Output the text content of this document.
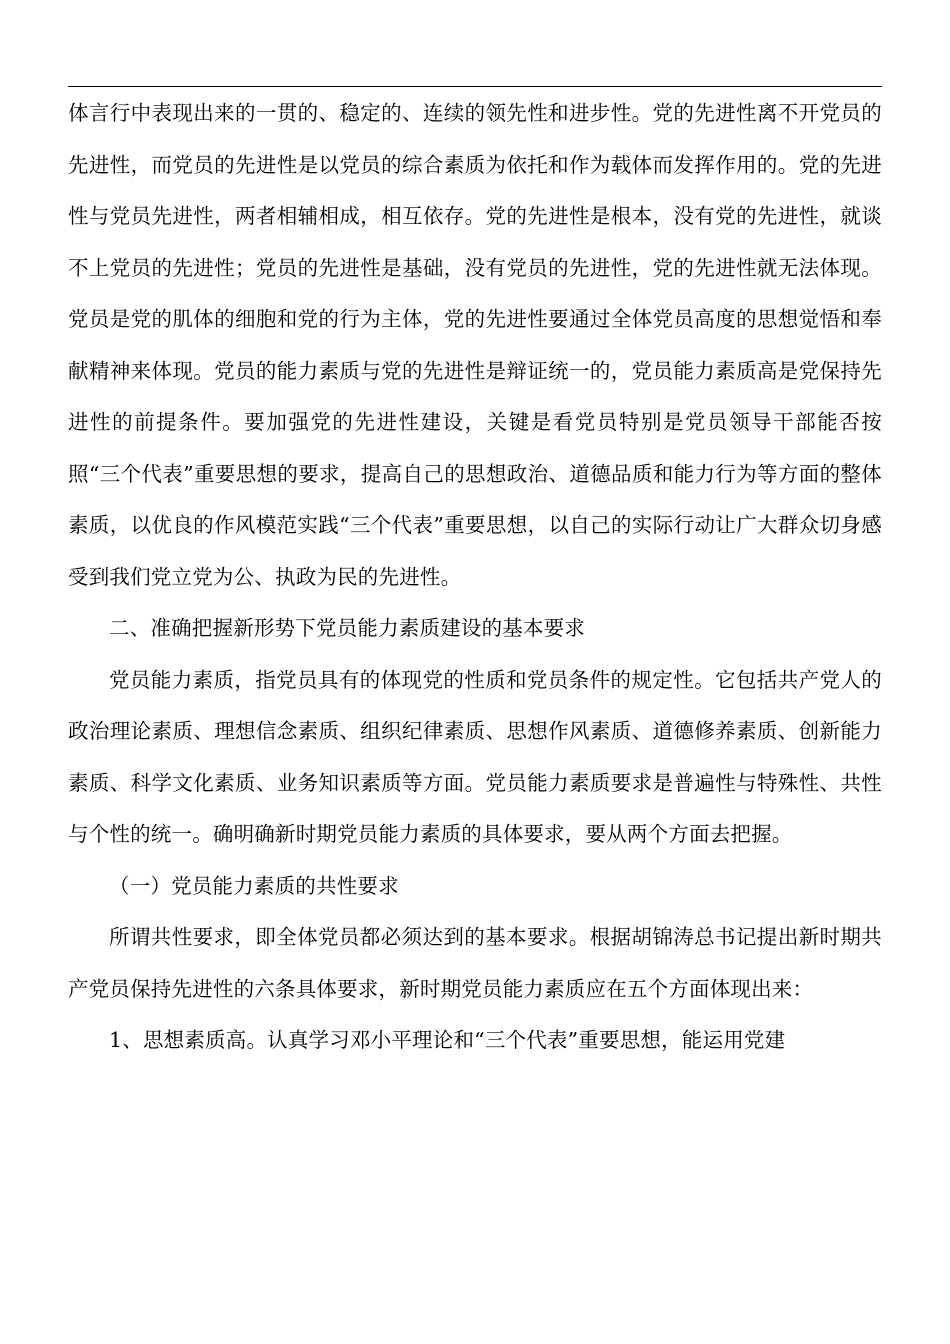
体言行中表现出来的一贯的、稳定的、连续的领先性和进步性。党的先进性离不开党员的先进性，而党员的先进性是以党员的综合素质为依托和作为载体而发挥作用的。党的先进性与党员先进性，两者相辅相成，相互依存。党的先进性是根本，没有党的先进性，就谈不上党员的先进性；党员的先进性是基础，没有党员的先进性，党的先进性就无法体现。党员是党的肌体的细胞和党的行为主体，党的先进性要通过全体党员高度的思想觉悟和奉献精神来体现。党员的能力素质与党的先进性是辩证统一的，党员能力素质高是党保持先进性的前提条件。要加强党的先进性建设，关键是看党员特别是党员领导干部能否按照“三个代表”重要思想的要求，提高自己的思想政治、道德品质和能力行为等方面的整体素质，以优良的作风模范实践“三个代表”重要思想，以自己的实际行动让广大群众切身感受到我们党立党为公、执政为民的先进性。

二、准确把握新形势下党员能力素质建设的基本要求

党员能力素质，指党员具有的体现党的性质和党员条件的规定性。它包括共产党人的政治理论素质、理想信念素质、组织纪律素质、思想作风素质、道德修养素质、创新能力素质、科学文化素质、业务知识素质等方面。党员能力素质要求是普遍性与特殊性、共性与个性的统一。确明确新时期党员能力素质的具体要求，要从两个方面去把握。

（一）党员能力素质的共性要求

所谓共性要求，即全体党员都必须达到的基本要求。根据胡锦涛总书记提出新时期共产党员保持先进性的六条具体要求，新时期党员能力素质应在五个方面体现出来：

1、思想素质高。认真学习邓小平理论和“三个代表”重要思想，能运用党建
